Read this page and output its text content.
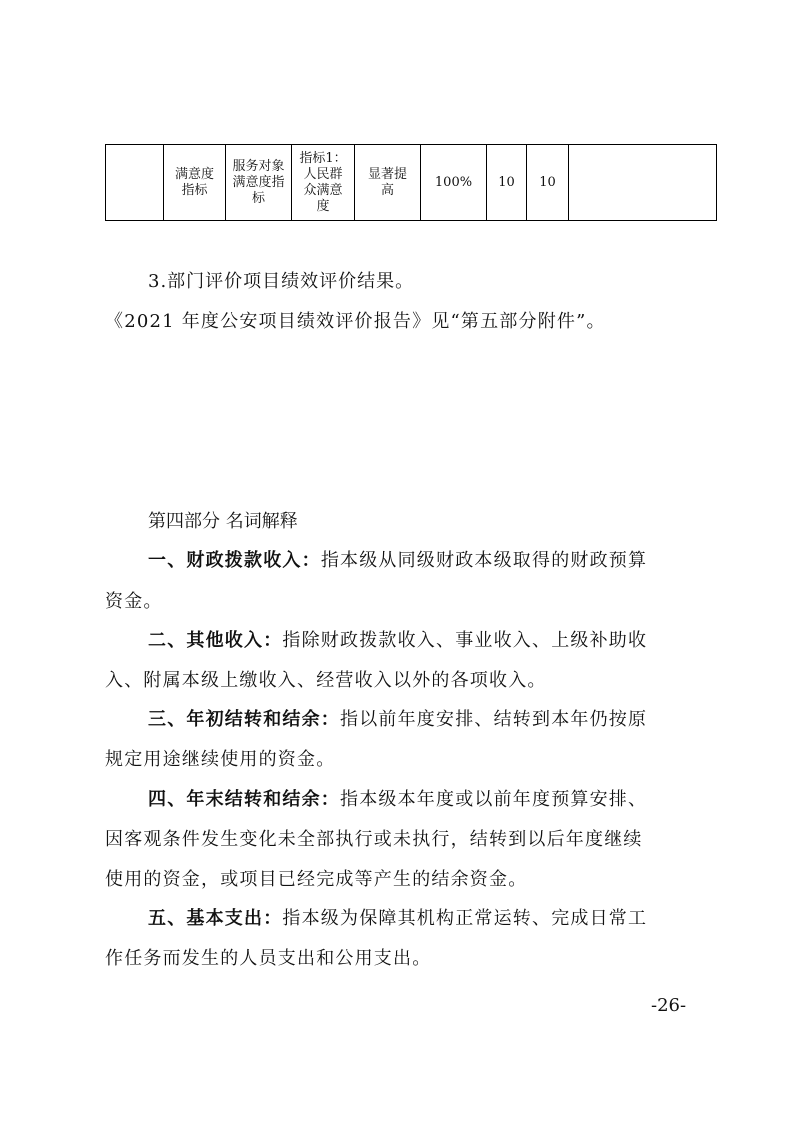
	满意度指标	服务对象满意度指标	指标1：人民群众满意度	显著提高	100%	10	10	
3.部门评价项目绩效评价结果。
《2021 年度公安项目绩效评价报告》见“第五部分附件”。
第四部分 名词解释
一、财政拨款收入：指本级从同级财政本级取得的财政预算
资金。
二、其他收入：指除财政拨款收入、事业收入、上级补助收
入、附属本级上缴收入、经营收入以外的各项收入。
三、年初结转和结余：指以前年度安排、结转到本年仍按原
规定用途继续使用的资金。
四、年末结转和结余：指本级本年度或以前年度预算安排、
因客观条件发生变化未全部执行或未执行，结转到以后年度继续
使用的资金，或项目已经完成等产生的结余资金。
五、基本支出：指本级为保障其机构正常运转、完成日常工
作任务而发生的人员支出和公用支出。
-26-
